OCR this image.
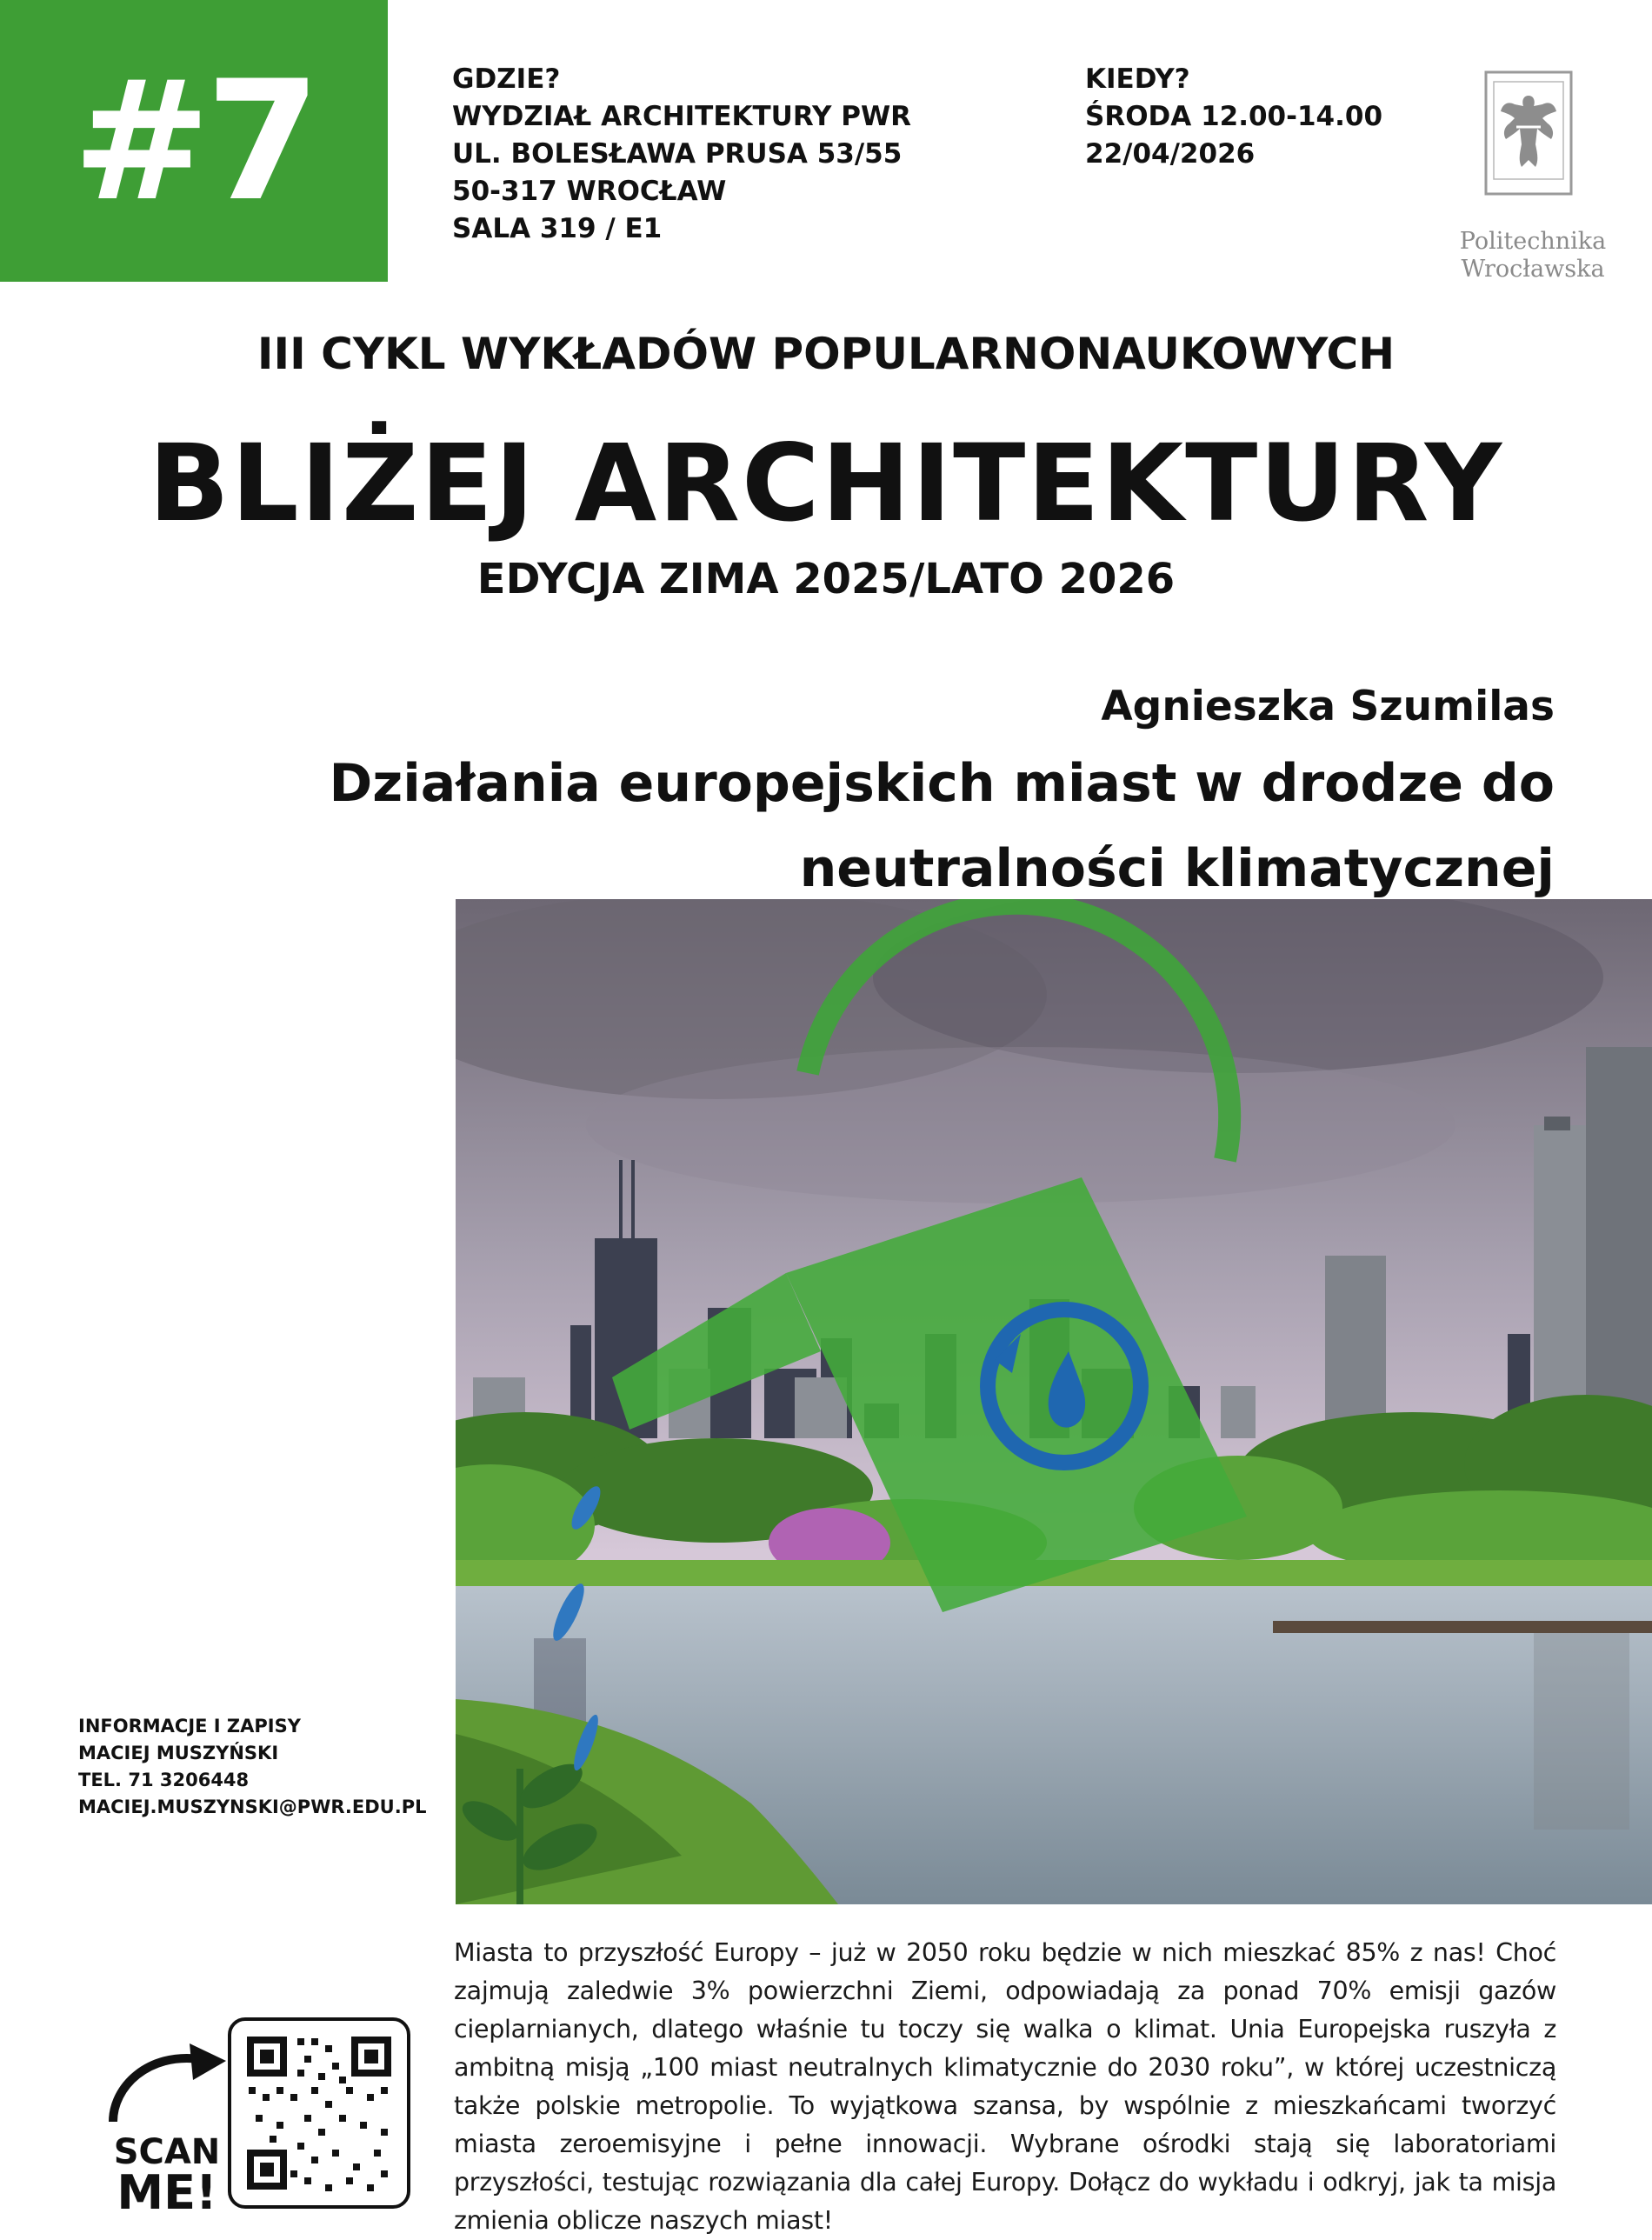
#7	GDZIE?
WYDZIAŁ ARCHITEKTURY PWR
UL. BOLESŁAWA PRUSA 53/55
50-317 WROCŁAW
SALA 319 / E1
KIEDY?
ŚRODA 12.00-14.00
22/04/2026
Politechnika
Wrocławska
III CYKL WYKŁADÓW POPULARNONAUKOWYCH
BLIŻEJ ARCHITEKTURY
EDYCJA ZIMA 2025/LATO 2026
Agnieszka Szumilas
Działania europejskich miast w drodze do
neutralności klimatycznej
INFORMACJE I ZAPISY
MACIEJ MUSZYŃSKI
TEL. 71 3206448
MACIEJ.MUSZYNSKI@PWR.EDU.PL
Miasta to przyszłość Europy – już w 2050 roku będzie w nich mieszkać 85% z nas! Choć zajmują zaledwie 3% powierzchni Ziemi, odpowiadają za ponad 70% emisji gazów cieplarnianych, dlatego właśnie tu toczy się walka o klimat. Unia Europejska ruszyła z ambitną misją „100 miast neutralnych klimatycznie do 2030 roku”, w której uczestniczą także polskie metropolie. To wyjątkowa szansa, by wspólnie z mieszkańcami tworzyć miasta zeroemisyjne i pełne innowacji. Wybrane ośrodki stają się laboratoriami przyszłości, testując rozwiązania dla całej Europy. Dołącz do wykładu i odkryj, jak ta misja zmienia oblicze naszych miast!
SCAN
ME!
